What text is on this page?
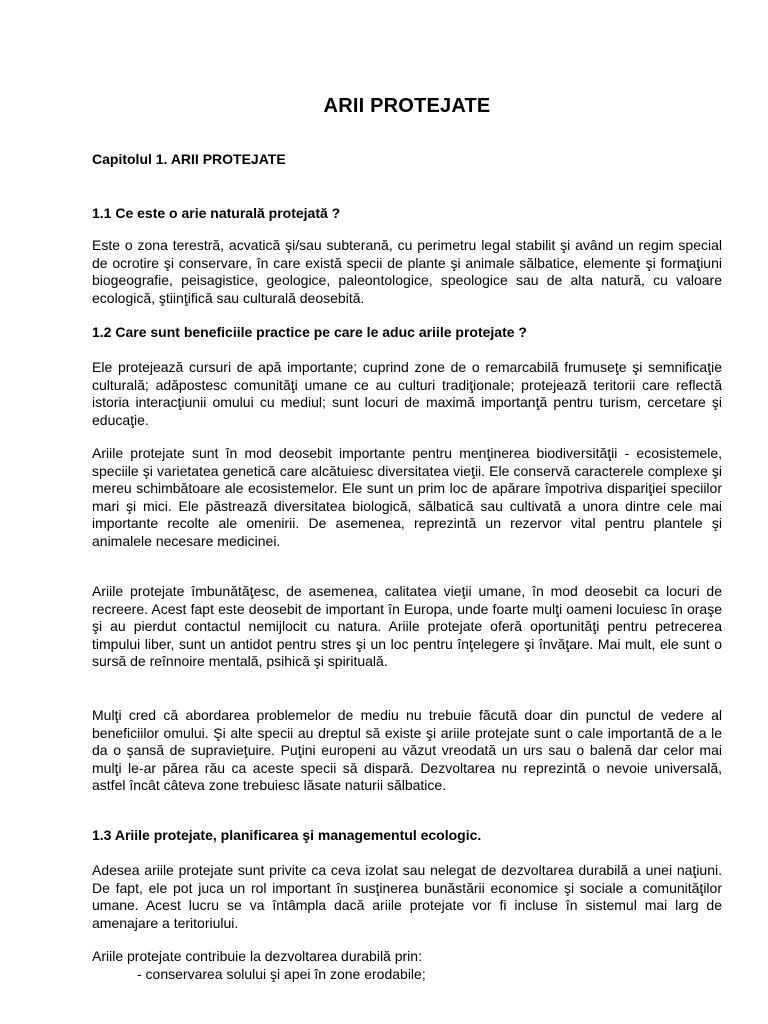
ARII PROTEJATE
Capitolul 1. ARII PROTEJATE
1.1 Ce este o arie naturală protejată ?

Este o zona terestră, acvatică şi/sau subterană, cu perimetru legal stabilit şi având un regim special de ocrotire şi conservare, în care există specii de plante şi animale sălbatice, elemente şi formaţiuni biogeografie, peisagistice, geologice, paleontologice, speologice sau de alta natură, cu valoare ecologică, ştiinţifică sau culturală deosebită.

1.2 Care sunt beneficiile practice pe care le aduc ariile protejate ?

Ele protejează cursuri de apă importante; cuprind zone de o remarcabilă frumuseţe şi semnificaţie culturală; adăpostesc comunităţi umane ce au culturi tradiţionale; protejează teritorii care reflectă istoria interacţiunii omului cu mediul; sunt locuri de maximă importanţă pentru turism, cercetare şi educaţie.

Ariile protejate sunt în mod deosebit importante pentru menţinerea biodiversităţii - ecosistemele, speciile şi varietatea genetică care alcătuiesc diversitatea vieţii. Ele conservă caracterele complexe şi mereu schimbătoare ale ecosistemelor. Ele sunt un prim loc de apărare împotriva dispariţiei speciilor mari şi mici. Ele păstrează diversitatea biologică, sălbatică sau cultivată a unora dintre cele mai importante recolte ale omenirii. De asemenea, reprezintă un rezervor vital pentru plantele şi animalele necesare medicinei.

Ariile protejate îmbunătăţesc, de asemenea, calitatea vieţii umane, în mod deosebit ca locuri de recreere. Acest fapt este deosebit de important în Europa, unde foarte mulţi oameni locuiesc în oraşe şi au pierdut contactul nemijlocit cu natura. Ariile protejate oferă oportunităţi pentru petrecerea timpului liber, sunt un antidot pentru stres şi un loc pentru înţelegere şi învăţare. Mai mult, ele sunt o sursă de reînnoire mentală, psihică şi spirituală.

Mulţi cred că abordarea problemelor de mediu nu trebuie făcută doar din punctul de vedere al beneficiilor omului. Şi alte specii au dreptul să existe şi ariile protejate sunt o cale importantă de a le da o şansă de supravieţuire. Puţini europeni au văzut vreodată un urs sau o balenă dar celor mai mulţi le-ar părea rău ca aceste specii să dispară. Dezvoltarea nu reprezintă o nevoie universală, astfel încât câteva zone trebuiesc lăsate naturii sălbatice.

1.3 Ariile protejate, planificarea şi managementul ecologic.

Adesea ariile protejate sunt privite ca ceva izolat sau nelegat de dezvoltarea durabilă a unei naţiuni. De fapt, ele pot juca un rol important în susţinerea bunăstării economice şi sociale a comunităţilor umane. Acest lucru se va întâmpla dacă ariile protejate vor fi incluse în sistemul mai larg de amenajare a teritoriului.

Ariile protejate contribuie la dezvoltarea durabilă prin:

- conservarea solului şi apei în zone erodabile;
